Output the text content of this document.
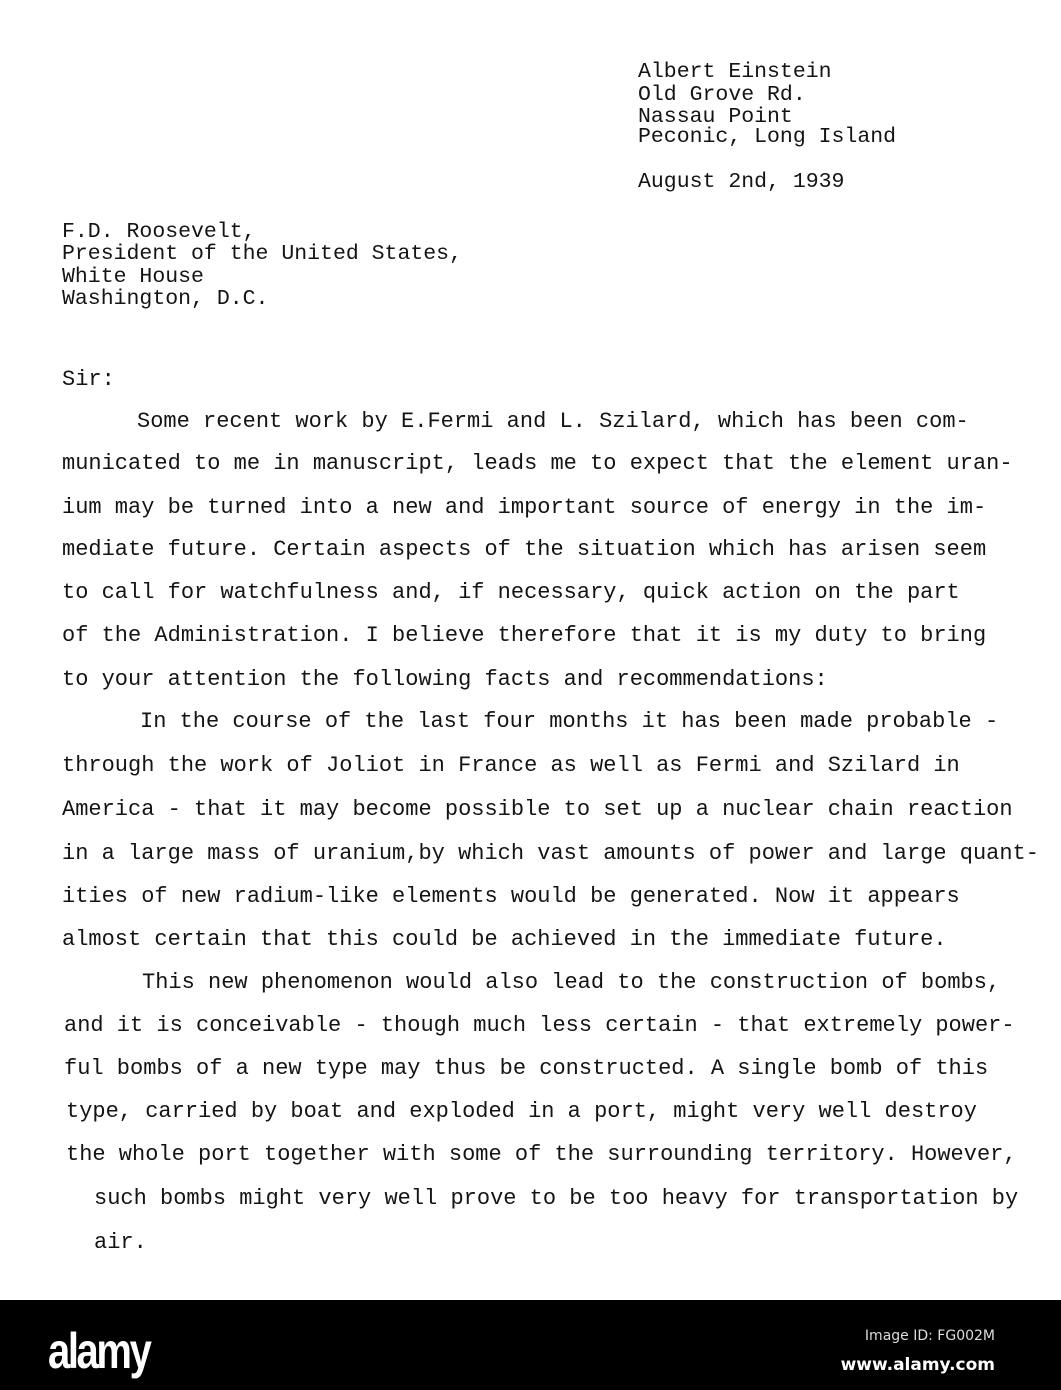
Albert Einstein
Old Grove Rd.
Nassau Point
Peconic, Long Island
August 2nd, 1939
F.D. Roosevelt,
President of the United States,
White House
Washington, D.C.
Sir:
Some recent work by E.Fermi and L. Szilard, which has been com-
municated to me in manuscript, leads me to expect that the element uran-
ium may be turned into a new and important source of energy in the im-
mediate future. Certain aspects of the situation which has arisen seem
to call for watchfulness and, if necessary, quick action on the part
of the Administration. I believe therefore that it is my duty to bring
to your attention the following facts and recommendations:
In the course of the last four months it has been made probable -
through the work of Joliot in France as well as Fermi and Szilard in
America - that it may become possible to set up a nuclear chain reaction
in a large mass of uranium,by which vast amounts of power and large quant-
ities of new radium-like elements would be generated. Now it appears
almost certain that this could be achieved in the immediate future.
This new phenomenon would also lead to the construction of bombs,
and it is conceivable - though much less certain - that extremely power-
ful bombs of a new type may thus be constructed. A single bomb of this
type, carried by boat and exploded in a port, might very well destroy
the whole port together with some of the surrounding territory. However,
such bombs might very well prove to be too heavy for transportation by
air.
alamy	Image ID: FG002M
www.alamy.com
